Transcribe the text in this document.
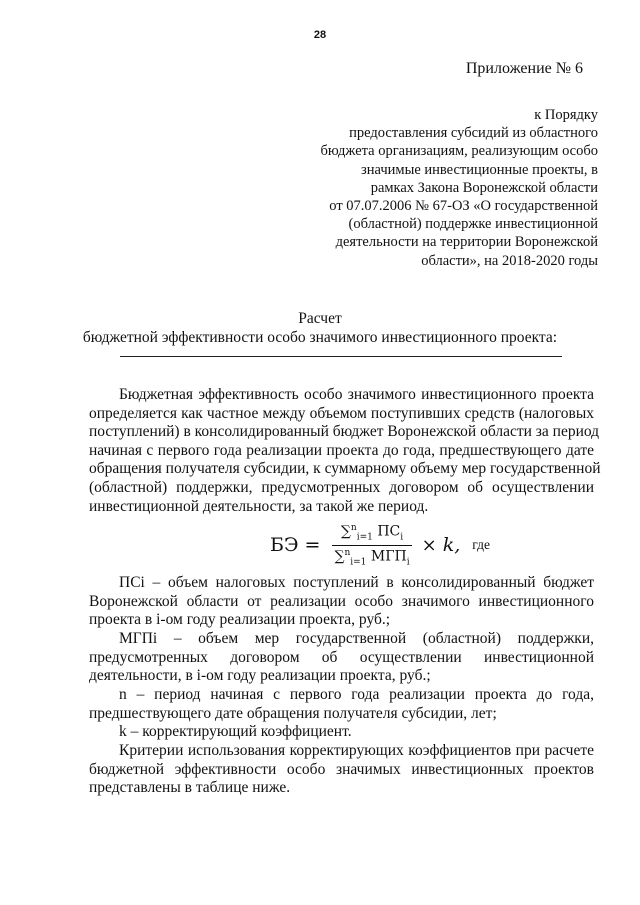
28
Приложение № 6
к Порядку
предоставления субсидий из областного
бюджета организациям, реализующим особо
значимые инвестиционные проекты, в
рамках Закона Воронежской области
от 07.07.2006 № 67-ОЗ «О государственной
(областной) поддержке инвестиционной
деятельности на территории Воронежской
области», на 2018-2020 годы
Расчет
бюджетной эффективности особо значимого инвестиционного проекта:
Бюджетная эффективность особо значимого инвестиционного проекта
определяется как частное между объемом поступивших средств (налоговых
поступлений) в консолидированный бюджет Воронежской области за период
начиная с первого года реализации проекта до года, предшествующего дате
обращения получателя субсидии, к суммарному объему мер государственной
(областной) поддержки, предусмотренных договором об осуществлении
инвестиционной деятельности, за такой же период.
БЭ = $\frac{\sum^n_{i=1} ПС_i}{\sum^n_{i=1} МГП_i} \times k$, где
ПСi – объем налоговых поступлений в консолидированный бюджет
Воронежской области от реализации особо значимого инвестиционного
проекта в i-ом году реализации проекта, руб.;
МГПi – объем мер государственной (областной) поддержки,
предусмотренных договором об осуществлении инвестиционной
деятельности, в i-ом году реализации проекта, руб.;
n – период начиная с первого года реализации проекта до года,
предшествующего дате обращения получателя субсидии, лет;
k – корректирующий коэффициент.
Критерии использования корректирующих коэффициентов при расчете
бюджетной эффективности особо значимых инвестиционных проектов
представлены в таблице ниже.
